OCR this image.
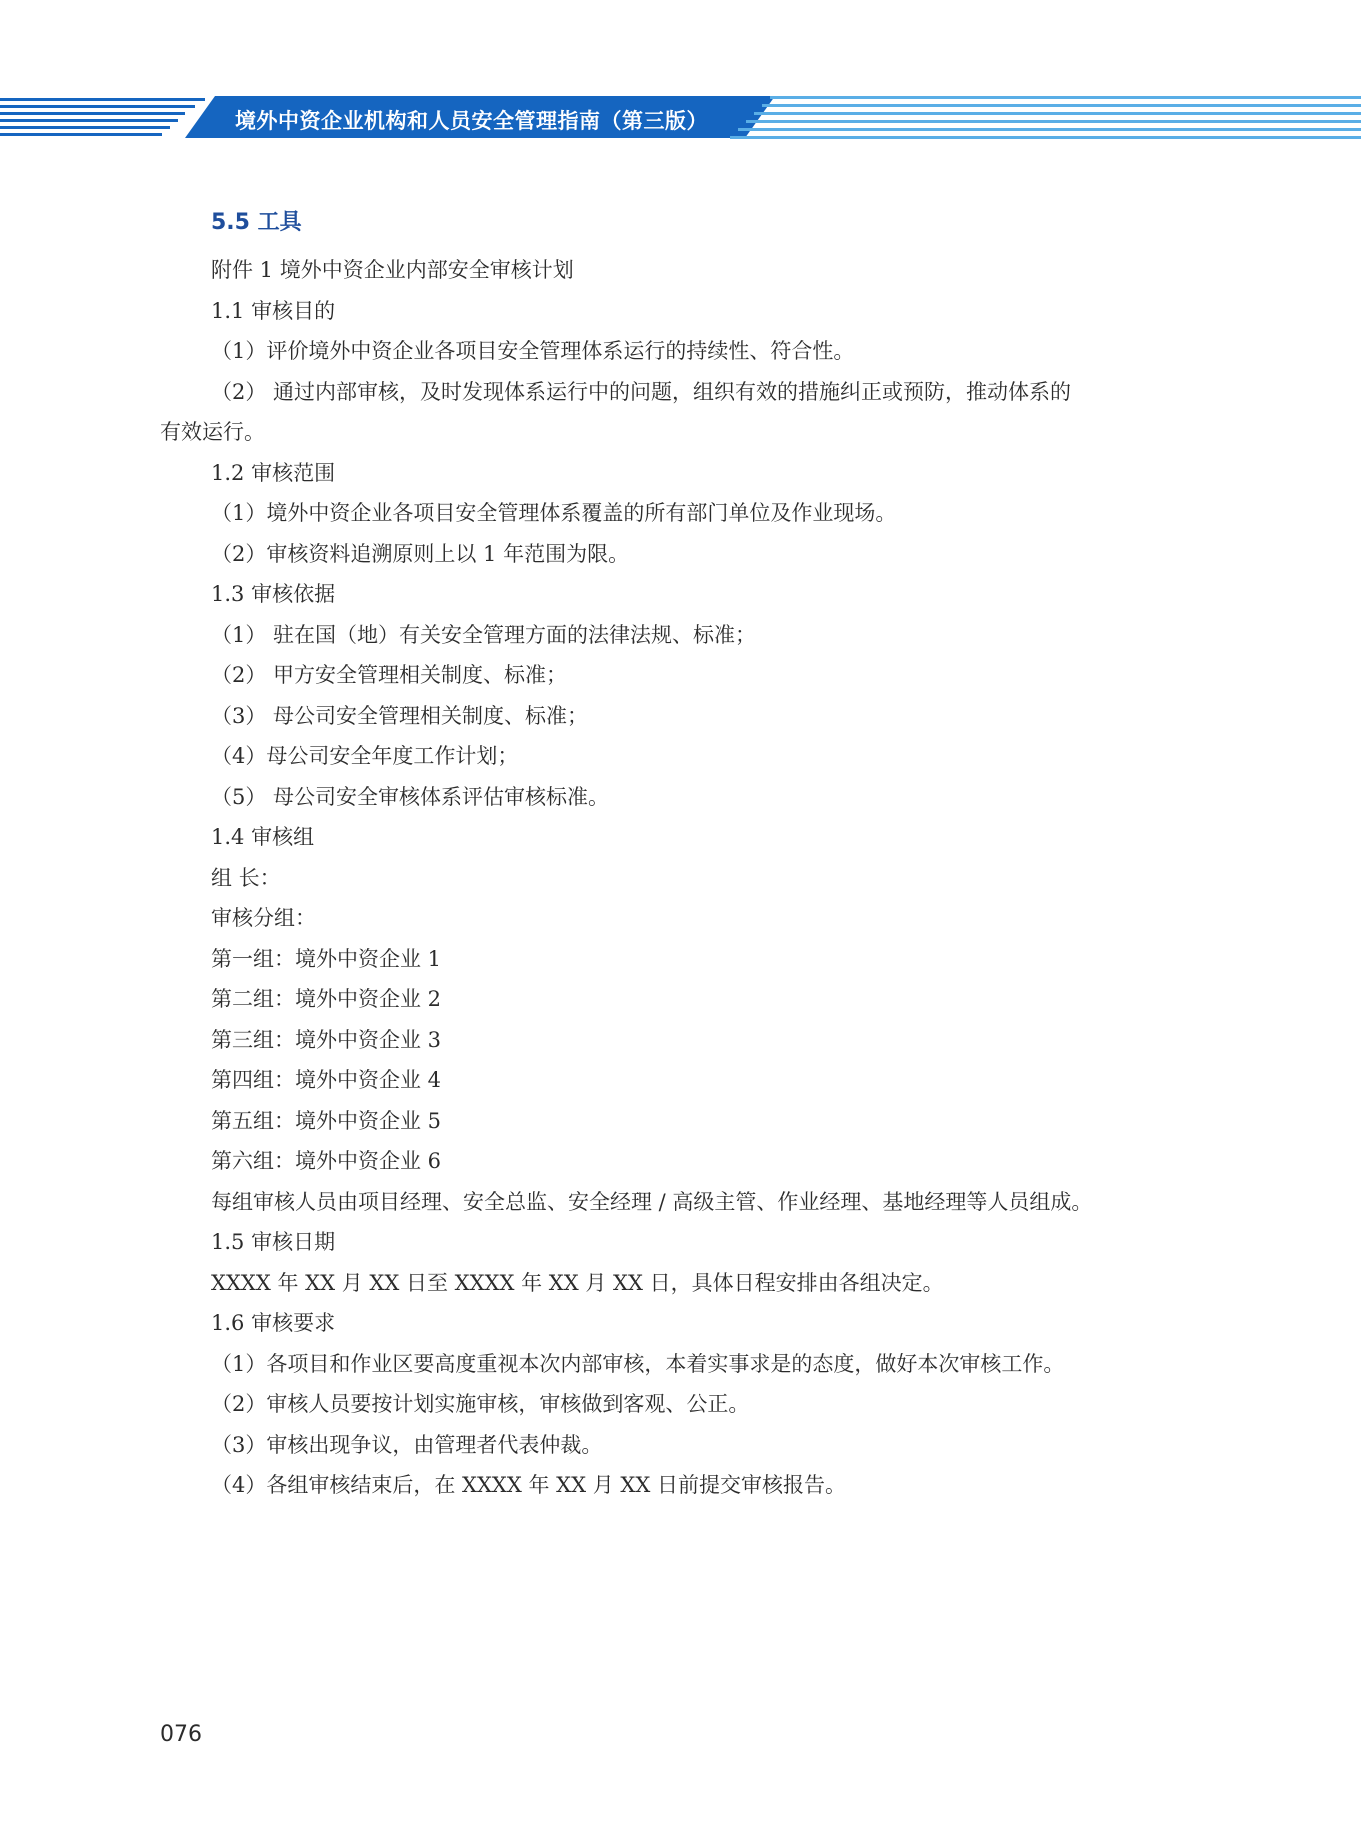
境外中资企业机构和人员安全管理指南（第三版）
5.5 工具
附件 1 境外中资企业内部安全审核计划
1.1 审核目的
（1）评价境外中资企业各项目安全管理体系运行的持续性、符合性。
（2） 通过内部审核，及时发现体系运行中的问题，组织有效的措施纠正或预防，推动体系的
有效运行。
1.2 审核范围
（1）境外中资企业各项目安全管理体系覆盖的所有部门单位及作业现场。
（2）审核资料追溯原则上以 1 年范围为限。
1.3 审核依据
（1） 驻在国（地）有关安全管理方面的法律法规、标准；
（2） 甲方安全管理相关制度、标准；
（3） 母公司安全管理相关制度、标准；
（4）母公司安全年度工作计划；
（5） 母公司安全审核体系评估审核标准。
1.4 审核组
组 长：
审核分组：
第一组：境外中资企业 1
第二组：境外中资企业 2
第三组：境外中资企业 3
第四组：境外中资企业 4
第五组：境外中资企业 5
第六组：境外中资企业 6
每组审核人员由项目经理、安全总监、安全经理 / 高级主管、作业经理、基地经理等人员组成。
1.5 审核日期
XXXX 年 XX 月 XX 日至 XXXX 年 XX 月 XX 日，具体日程安排由各组决定。
1.6 审核要求
（1）各项目和作业区要高度重视本次内部审核，本着实事求是的态度，做好本次审核工作。
（2）审核人员要按计划实施审核，审核做到客观、公正。
（3）审核出现争议，由管理者代表仲裁。
（4）各组审核结束后，在 XXXX 年 XX 月 XX 日前提交审核报告。
076
